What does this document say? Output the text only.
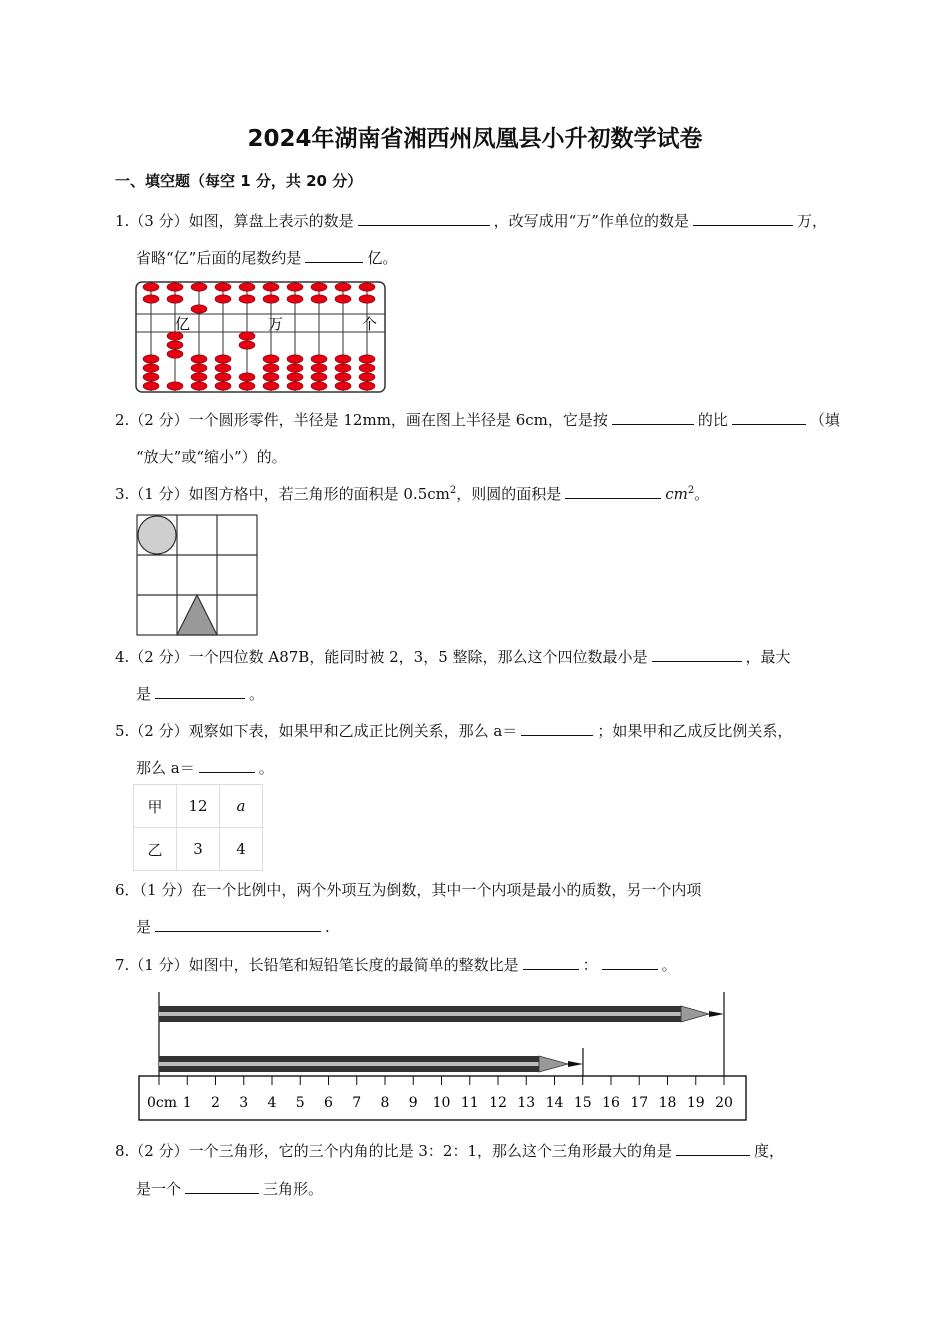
2024年湖南省湘西州凤凰县小升初数学试卷
一、填空题（每空 1 分，共 20 分）
1.（3 分）如图，算盘上表示的数是	，改写成用“万”作单位的数是	万，
省略“亿”后面的尾数约是	亿。
亿	万	个
2.（2 分）一个圆形零件，半径是 12mm，画在图上半径是 6cm，它是按	的比	（填
“放大”或“缩小”）的。
3.（1 分）如图方格中，若三角形的面积是 $0.5cm^2$，则圆的面积是	$cm^2$。
4.（2 分）一个四位数 A87B，能同时被 2，3，5 整除，那么这个四位数最小是	，最大
是	。
5.（2 分）观察如下表，如果甲和乙成正比例关系，那么 a＝	；如果甲和乙成反比例关系，
那么 a＝	。
甲	12	a
乙	3	4
6．（1 分）在一个比例中，两个外项互为倒数，其中一个内项是最小的质数，另一个内项
是	.
7.（1 分）如图中，长铅笔和短铅笔长度的最简单的整数比是	：	。
0cm 1 2 3 4 5 6 7 8 9 10 11 12 13 14 15 16 17 18 19 20
8.（2 分）一个三角形，它的三个内角的比是 3：2：1，那么这个三角形最大的角是	度，
是一个	三角形。
